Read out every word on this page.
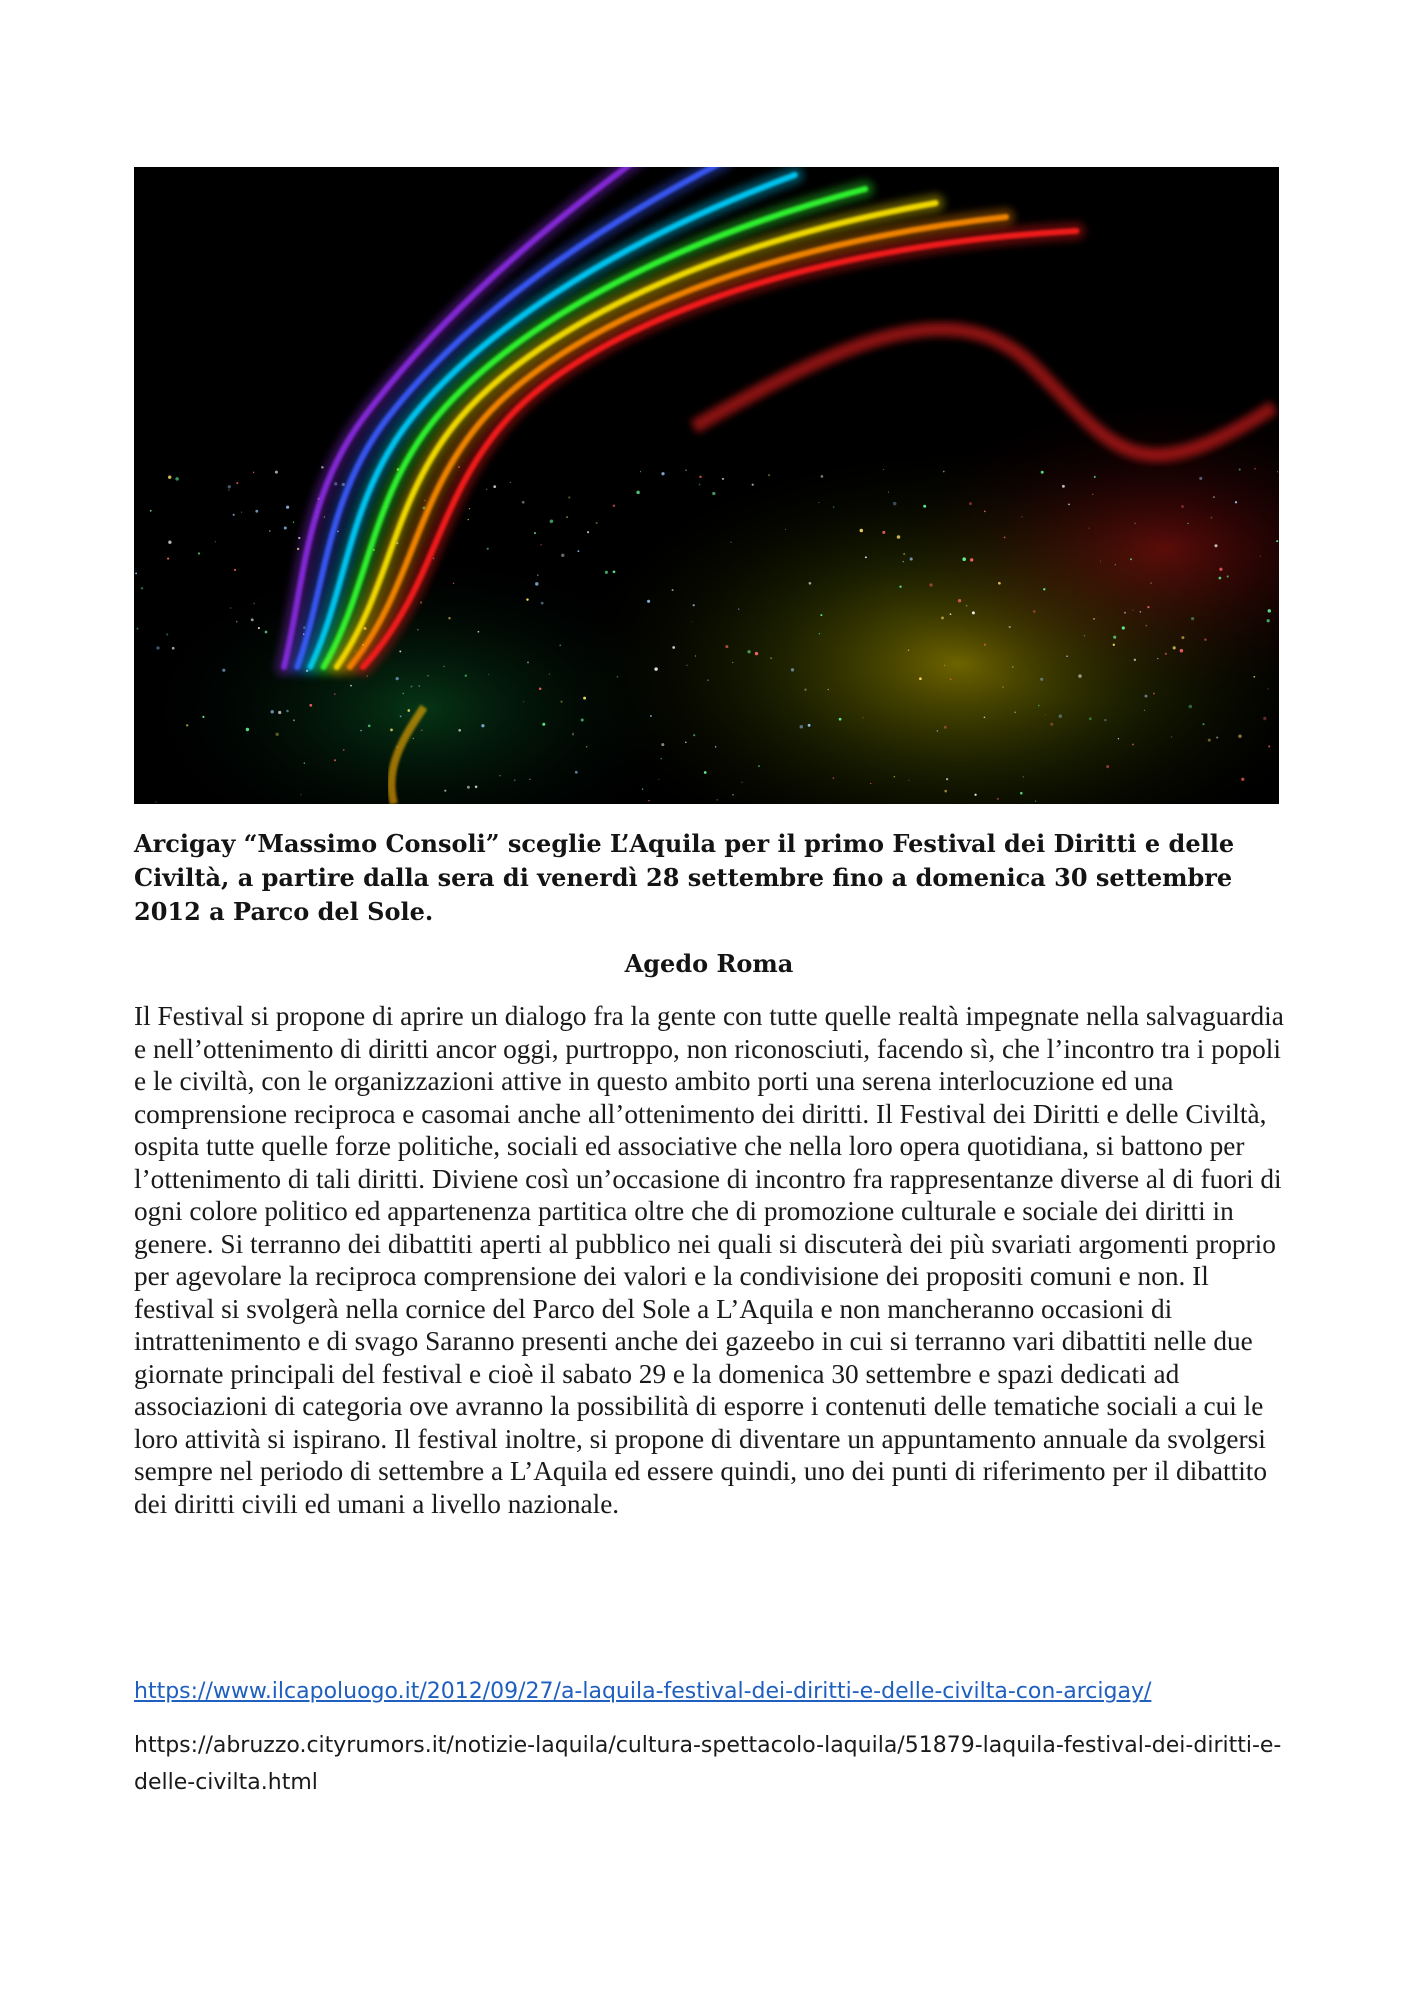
Arcigay “Massimo Consoli” sceglie L’Aquila per il primo Festival dei Diritti e delle Civiltà, a partire dalla sera di venerdì 28 settembre fino a domenica 30 settembre 2012 a Parco del Sole.

Agedo Roma

Il Festival si propone di aprire un dialogo fra la gente con tutte quelle realtà impegnate nella salvaguardia e nell’ottenimento di diritti ancor oggi, purtroppo, non riconosciuti, facendo sì, che l’incontro tra i popoli e le civiltà, con le organizzazioni attive in questo ambito porti una serena interlocuzione ed una comprensione reciproca e casomai anche all’ottenimento dei diritti. Il Festival dei Diritti e delle Civiltà, ospita tutte quelle forze politiche, sociali ed associative che nella loro opera quotidiana, si battono per l’ottenimento di tali diritti. Diviene così un’occasione di incontro fra rappresentanze diverse al di fuori di ogni colore politico ed appartenenza partitica oltre che di promozione culturale e sociale dei diritti in genere. Si terranno dei dibattiti aperti al pubblico nei quali si discuterà dei più svariati argomenti proprio per agevolare la reciproca comprensione dei valori e la condivisione dei propositi comuni e non. Il festival si svolgerà nella cornice del Parco del Sole a L’Aquila e non mancheranno occasioni di intrattenimento e di svago Saranno presenti anche dei gazeebo in cui si terranno vari dibattiti nelle due giornate principali del festival e cioè il sabato 29 e la domenica 30 settembre e spazi dedicati ad associazioni di categoria ove avranno la possibilità di esporre i contenuti delle tematiche sociali a cui le loro attività si ispirano. Il festival inoltre, si propone di diventare un appuntamento annuale da svolgersi sempre nel periodo di settembre a L’Aquila ed essere quindi, uno dei punti di riferimento per il dibattito dei diritti civili ed umani a livello nazionale.

https://www.ilcapoluogo.it/2012/09/27/a-laquila-festival-dei-diritti-e-delle-civilta-con-arcigay/

https://abruzzo.cityrumors.it/notizie-laquila/cultura-spettacolo-laquila/51879-laquila-festival-dei-diritti-e-delle-civilta.html
